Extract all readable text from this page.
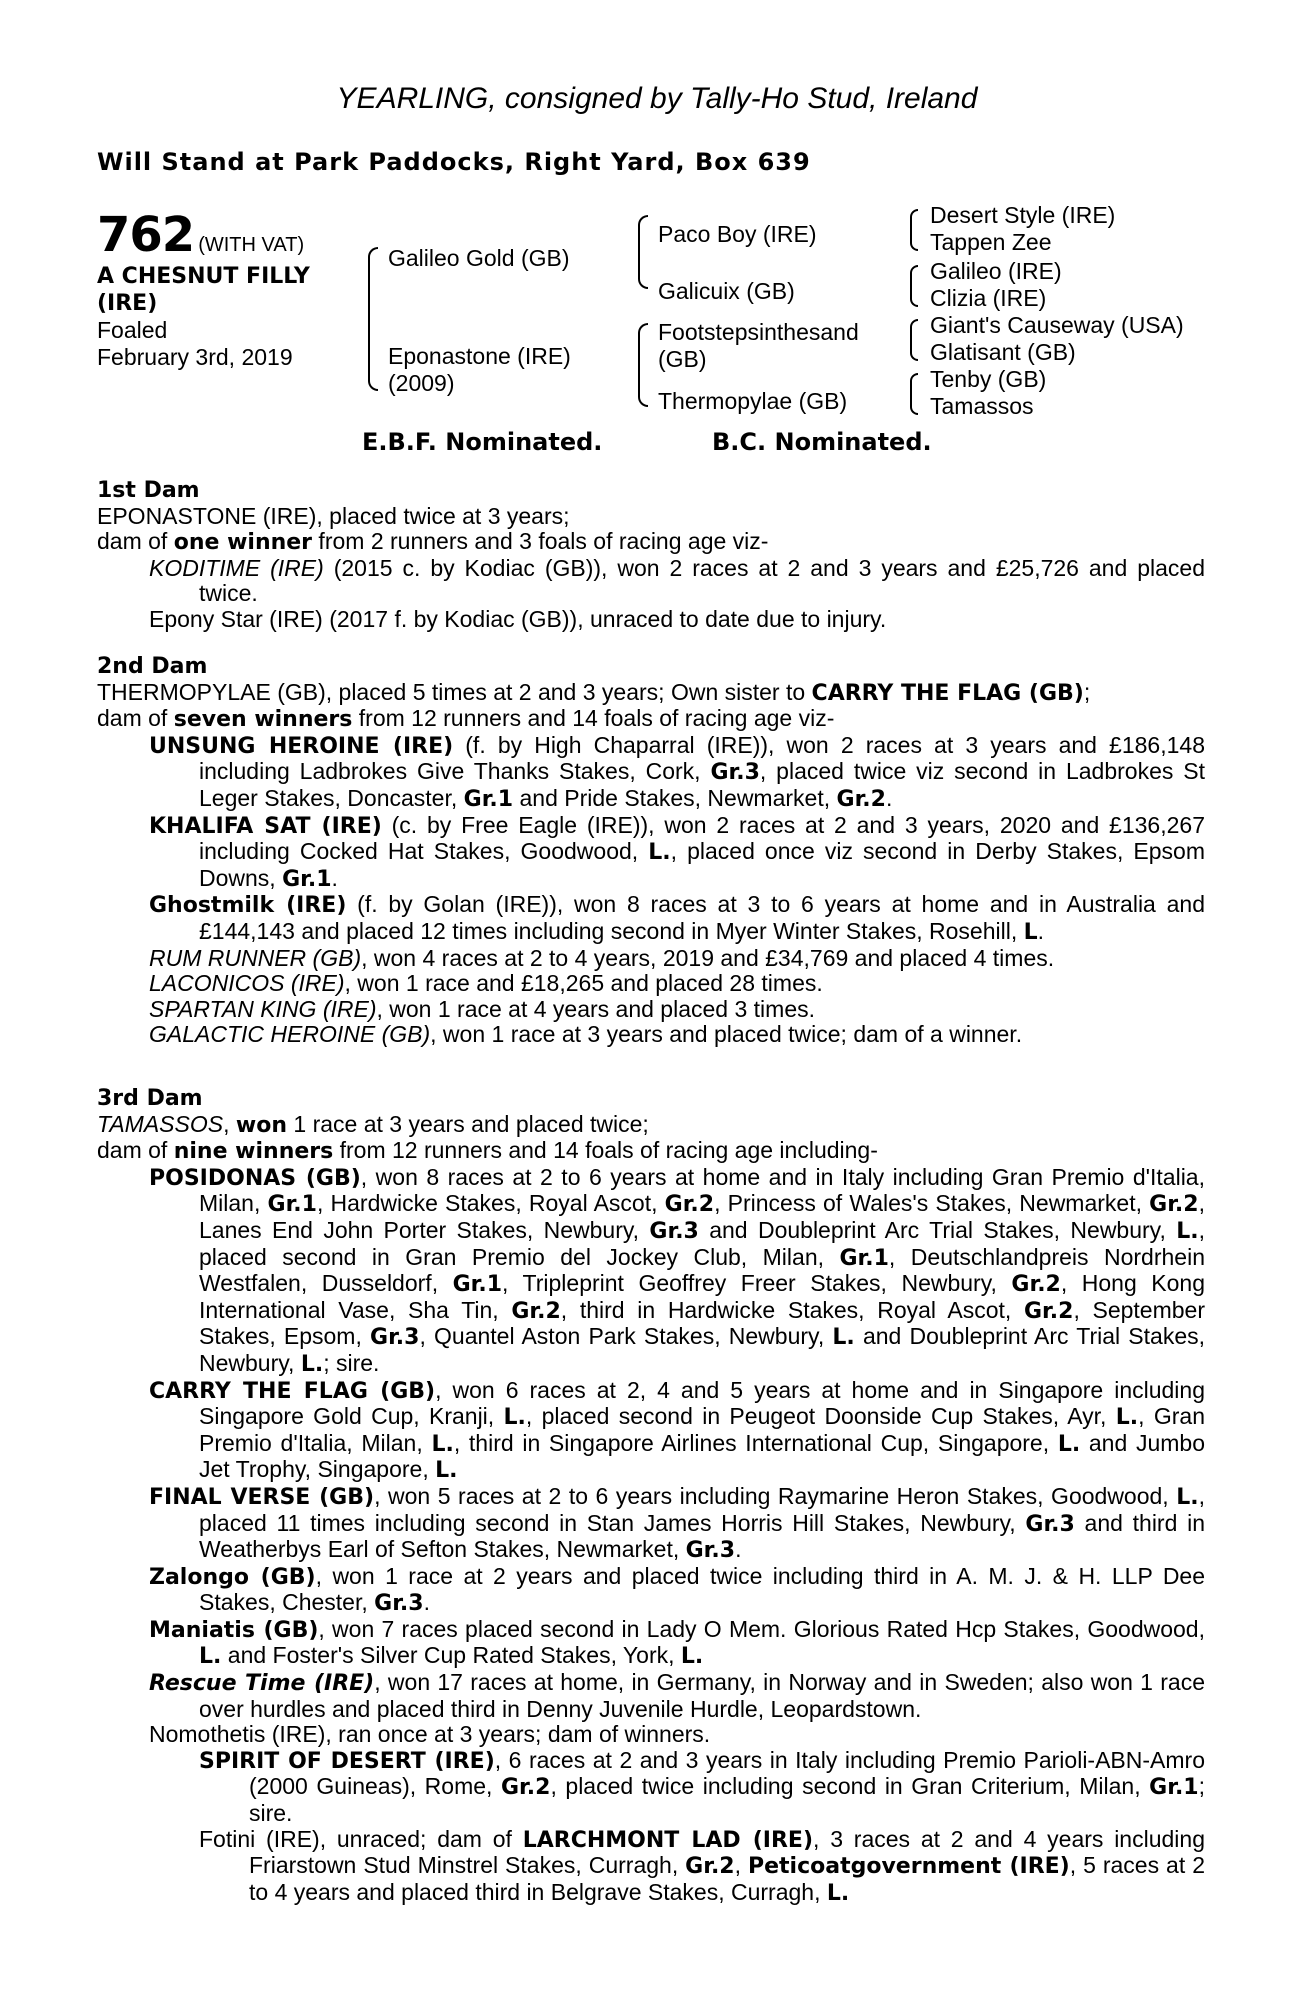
YEARLING, consigned by Tally-Ho Stud, Ireland
Will Stand at Park Paddocks, Right Yard, Box 639
762 (WITH VAT)
A CHESNUT FILLY
(IRE)
Foaled
February 3rd, 2019
Galileo Gold (GB)
Eponastone (IRE)
(2009)
Paco Boy (IRE)
Galicuix (GB)
Footstepsinthesand
(GB)
Thermopylae (GB)
Desert Style (IRE)
Tappen Zee
Galileo (IRE)
Clizia (IRE)
Giant's Causeway (USA)
Glatisant (GB)
Tenby (GB)
Tamassos
E.B.F. Nominated.	B.C. Nominated.

1st Dam

EPONASTONE (IRE), placed twice at 3 years;

dam of one winner from 2 runners and 3 foals of racing age viz-

KODITIME (IRE) (2015 c. by Kodiac (GB)), won 2 races at 2 and 3 years and £25,726 and placed twice.

Epony Star (IRE) (2017 f. by Kodiac (GB)), unraced to date due to injury.

2nd Dam

THERMOPYLAE (GB), placed 5 times at 2 and 3 years; Own sister to CARRY THE FLAG (GB);

dam of seven winners from 12 runners and 14 foals of racing age viz-

UNSUNG HEROINE (IRE) (f. by High Chaparral (IRE)), won 2 races at 3 years and £186,148 including Ladbrokes Give Thanks Stakes, Cork, Gr.3, placed twice viz second in Ladbrokes St Leger Stakes, Doncaster, Gr.1 and Pride Stakes, Newmarket, Gr.2.

KHALIFA SAT (IRE) (c. by Free Eagle (IRE)), won 2 races at 2 and 3 years, 2020 and £136,267 including Cocked Hat Stakes, Goodwood, L., placed once viz second in Derby Stakes, Epsom Downs, Gr.1.

Ghostmilk (IRE) (f. by Golan (IRE)), won 8 races at 3 to 6 years at home and in Australia and £144,143 and placed 12 times including second in Myer Winter Stakes, Rosehill, L.

RUM RUNNER (GB), won 4 races at 2 to 4 years, 2019 and £34,769 and placed 4 times.

LACONICOS (IRE), won 1 race and £18,265 and placed 28 times.

SPARTAN KING (IRE), won 1 race at 4 years and placed 3 times.

GALACTIC HEROINE (GB), won 1 race at 3 years and placed twice; dam of a winner.

3rd Dam

TAMASSOS, won 1 race at 3 years and placed twice;

dam of nine winners from 12 runners and 14 foals of racing age including-

POSIDONAS (GB), won 8 races at 2 to 6 years at home and in Italy including Gran Premio d'Italia, Milan, Gr.1, Hardwicke Stakes, Royal Ascot, Gr.2, Princess of Wales's Stakes, Newmarket, Gr.2, Lanes End John Porter Stakes, Newbury, Gr.3 and Doubleprint Arc Trial Stakes, Newbury, L., placed second in Gran Premio del Jockey Club, Milan, Gr.1, Deutschlandpreis Nordrhein Westfalen, Dusseldorf, Gr.1, Tripleprint Geoffrey Freer Stakes, Newbury, Gr.2, Hong Kong International Vase, Sha Tin, Gr.2, third in Hardwicke Stakes, Royal Ascot, Gr.2, September Stakes, Epsom, Gr.3, Quantel Aston Park Stakes, Newbury, L. and Doubleprint Arc Trial Stakes, Newbury, L.; sire.

CARRY THE FLAG (GB), won 6 races at 2, 4 and 5 years at home and in Singapore including Singapore Gold Cup, Kranji, L., placed second in Peugeot Doonside Cup Stakes, Ayr, L., Gran Premio d'Italia, Milan, L., third in Singapore Airlines International Cup, Singapore, L. and Jumbo Jet Trophy, Singapore, L.

FINAL VERSE (GB), won 5 races at 2 to 6 years including Raymarine Heron Stakes, Goodwood, L., placed 11 times including second in Stan James Horris Hill Stakes, Newbury, Gr.3 and third in Weatherbys Earl of Sefton Stakes, Newmarket, Gr.3.

Zalongo (GB), won 1 race at 2 years and placed twice including third in A. M. J. & H. LLP Dee Stakes, Chester, Gr.3.

Maniatis (GB), won 7 races placed second in Lady O Mem. Glorious Rated Hcp Stakes, Goodwood, L. and Foster's Silver Cup Rated Stakes, York, L.

Rescue Time (IRE), won 17 races at home, in Germany, in Norway and in Sweden; also won 1 race over hurdles and placed third in Denny Juvenile Hurdle, Leopardstown.

Nomothetis (IRE), ran once at 3 years; dam of winners.

SPIRIT OF DESERT (IRE), 6 races at 2 and 3 years in Italy including Premio Parioli-ABN-Amro (2000 Guineas), Rome, Gr.2, placed twice including second in Gran Criterium, Milan, Gr.1; sire.

Fotini (IRE), unraced; dam of LARCHMONT LAD (IRE), 3 races at 2 and 4 years including Friarstown Stud Minstrel Stakes, Curragh, Gr.2, Peticoatgovernment (IRE), 5 races at 2 to 4 years and placed third in Belgrave Stakes, Curragh, L.
